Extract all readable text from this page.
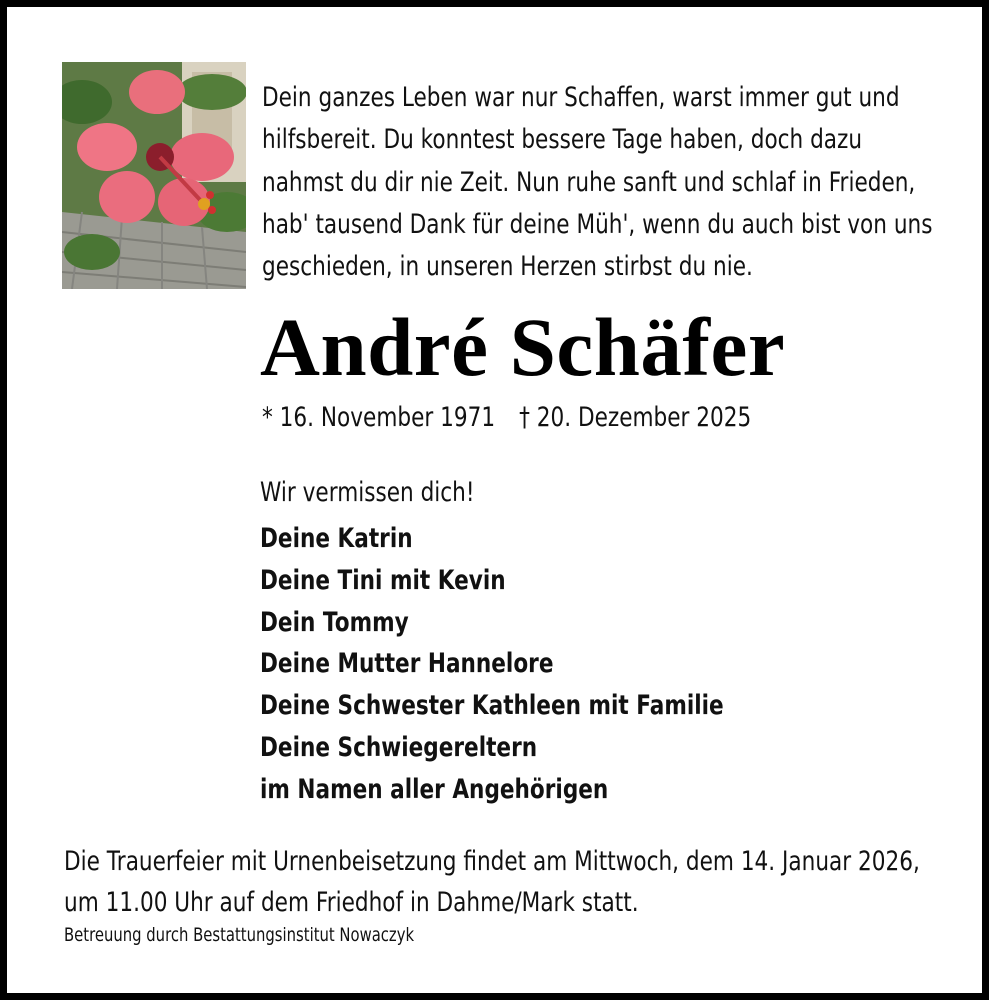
Dein ganzes Leben war nur Schaffen, warst immer gut und
hilfsbereit. Du konntest bessere Tage haben, doch dazu
nahmst du dir nie Zeit. Nun ruhe sanft und schlaf in Frieden,
hab' tausend Dank für deine Müh', wenn du auch bist von uns
geschieden, in unseren Herzen stirbst du nie.
André Schäfer
* 16. November 1971 † 20. Dezember 2025
Wir vermissen dich!
Deine Katrin
Deine Tini mit Kevin
Dein Tommy
Deine Mutter Hannelore
Deine Schwester Kathleen mit Familie
Deine Schwiegereltern
im Namen aller Angehörigen
Die Trauerfeier mit Urnenbeisetzung findet am Mittwoch, dem 14. Januar 2026,
um 11.00 Uhr auf dem Friedhof in Dahme/Mark statt.
Betreuung durch Bestattungsinstitut Nowaczyk
